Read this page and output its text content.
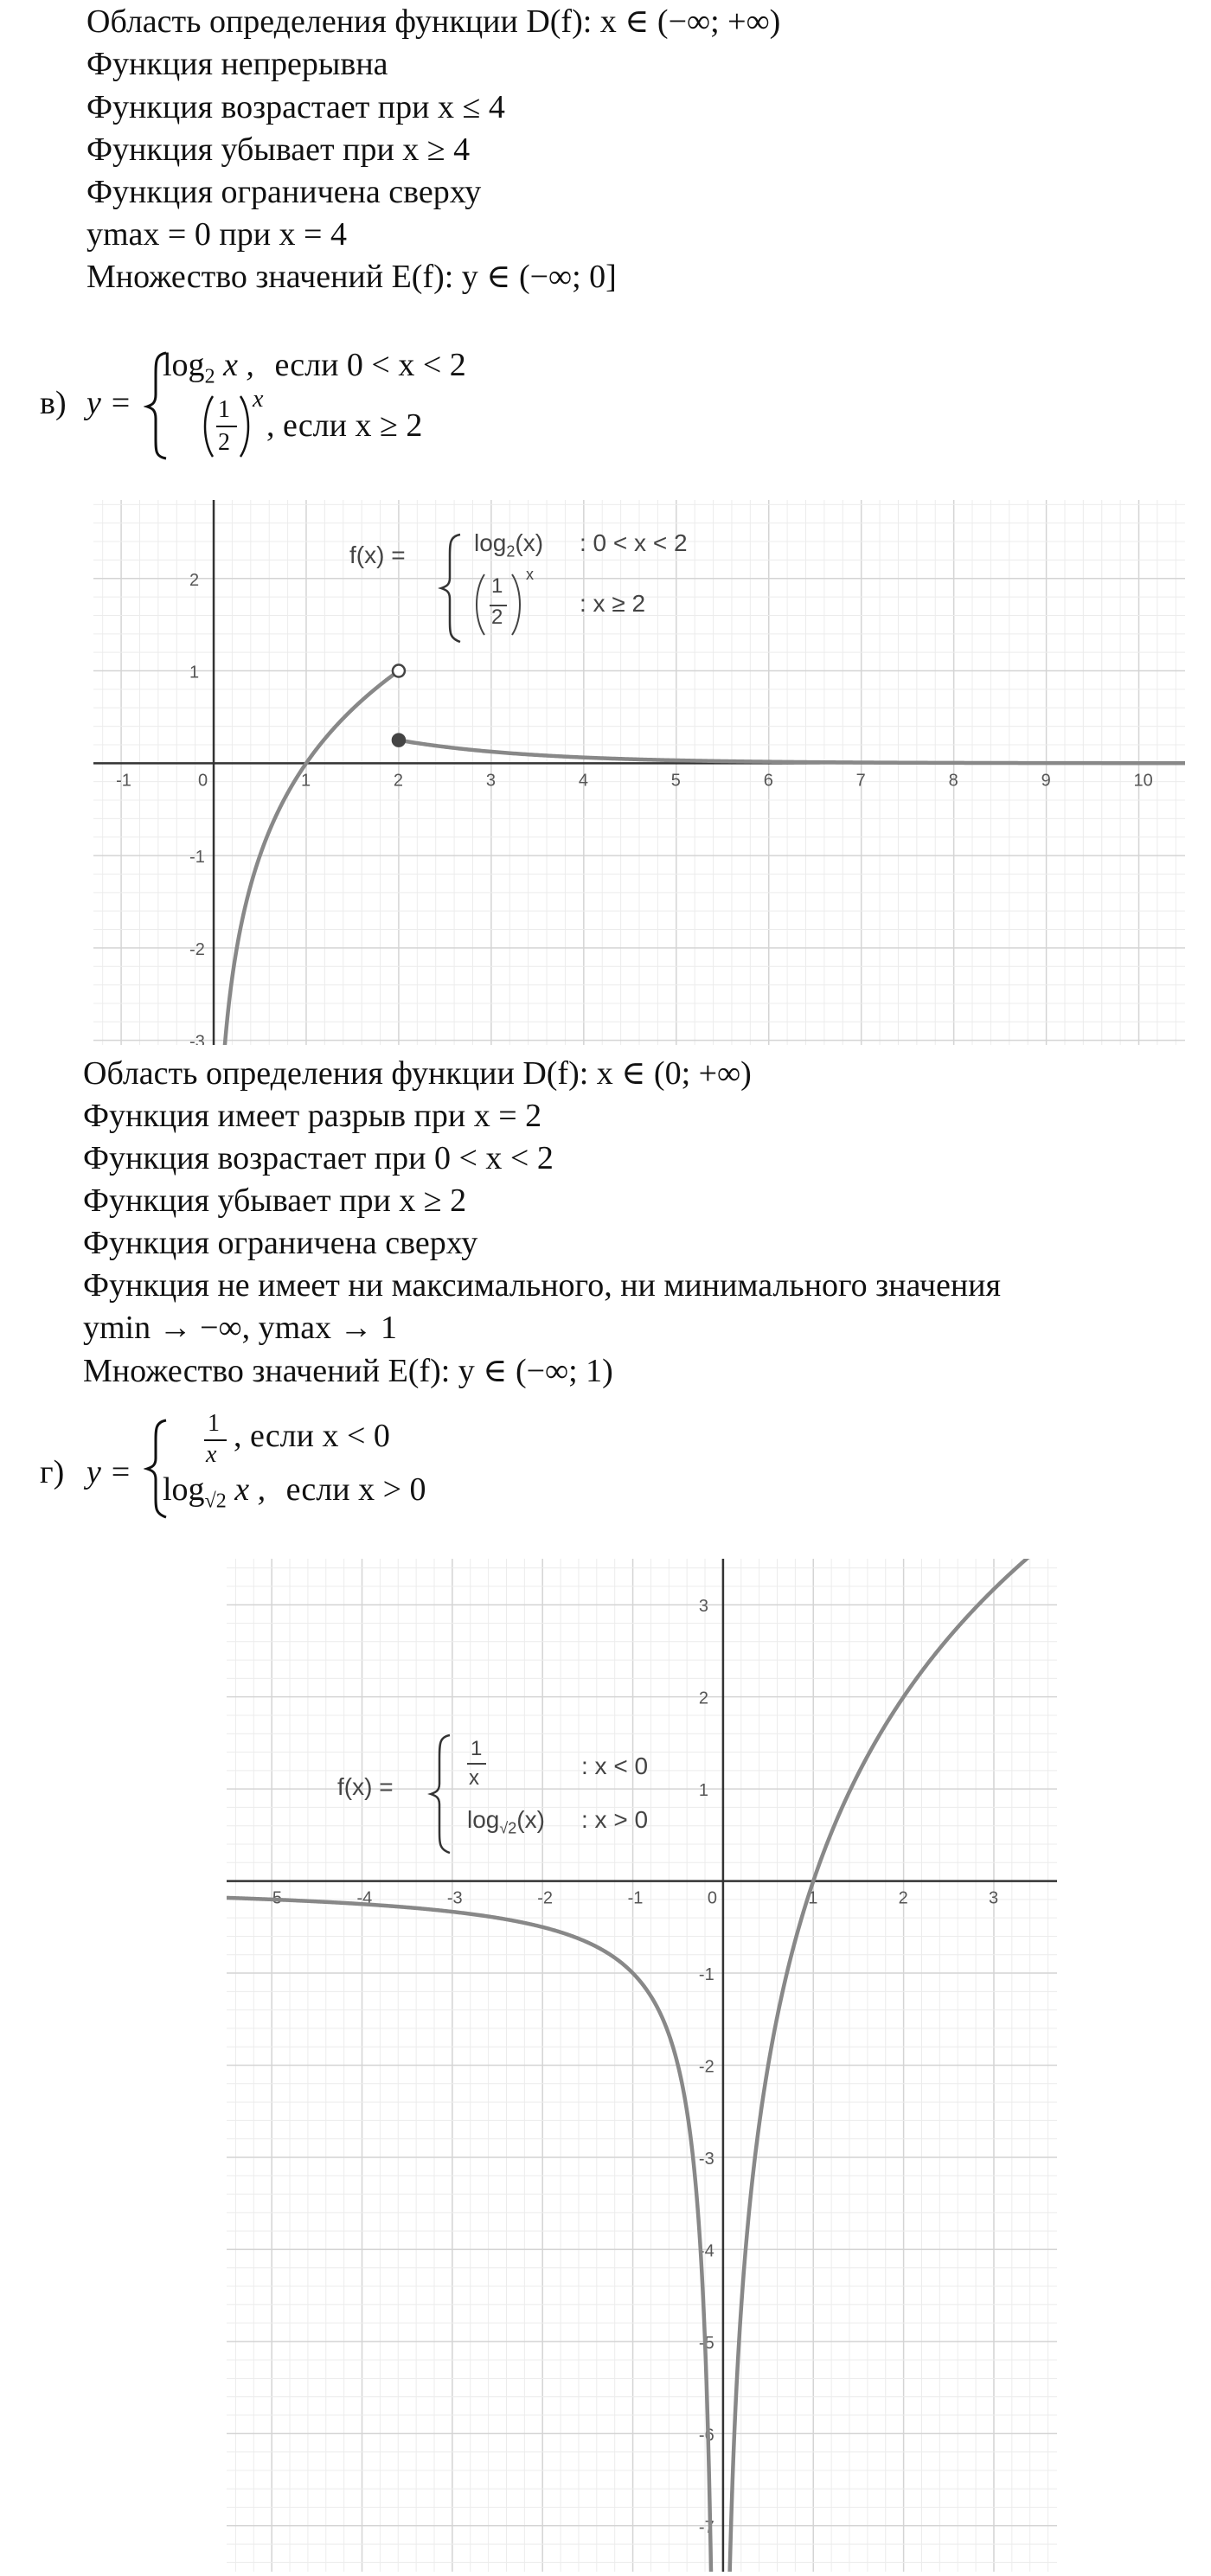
Область определения функции D(f): x ∈ (−∞; +∞)
Функция непрерывна
Функция возрастает при x ≤ 4
Функция убывает при x ≥ 4
Функция ограничена сверху
ymax = 0 при x = 4
Множество значений E(f): y ∈ (−∞; 0]
в) y =
$\log_2 x$ , если 0 < x < 2
1
2
x
, если x ≥ 2
-1	0	1	2	3	4	5	6	7	8	9	10
-3
-2
-1
1
2
f(x) =	$\log_2(x)$ : 0 < x < 2
1
2
x
: x ≥ 2
Область определения функции D(f): x ∈ (0; +∞)
Функция имеет разрыв при x = 2
Функция возрастает при 0 < x < 2
Функция убывает при x ≥ 2
Функция ограничена сверху
Функция не имеет ни максимального, ни минимального значения
ymin → −∞, ymax → 1
Множество значений E(f): y ∈ (−∞; 1)
г) y =
1
x
, если x < 0
$\log_{√2} x$ , если x > 0
-5	-4	-3	-2	-1	0	1	2	3
-7
-6
-5
-4
-3
-2
-1
1
2
3
f(x) =
1
x	: x < 0
$\log_{√2}(x)$ : x > 0
